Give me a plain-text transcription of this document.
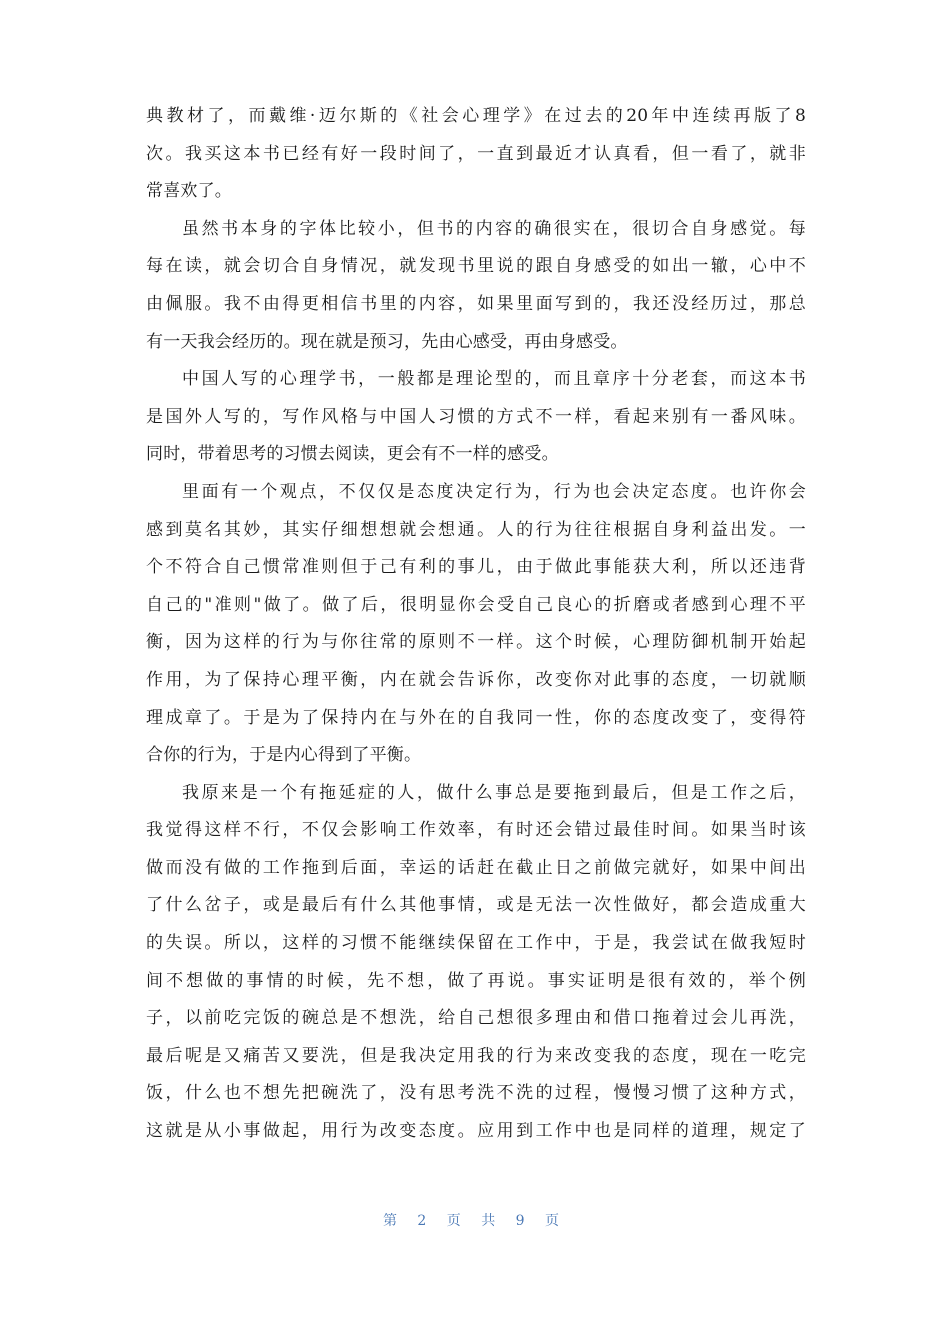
典教材了，而戴维·迈尔斯的《社会心理学》在过去的20年中连续再版了8
次。我买这本书已经有好一段时间了，一直到最近才认真看，但一看了，就非
常喜欢了。
虽然书本身的字体比较小，但书的内容的确很实在，很切合自身感觉。每
每在读，就会切合自身情况，就发现书里说的跟自身感受的如出一辙，心中不
由佩服。我不由得更相信书里的内容，如果里面写到的，我还没经历过，那总
有一天我会经历的。现在就是预习，先由心感受，再由身感受。
中国人写的心理学书，一般都是理论型的，而且章序十分老套，而这本书
是国外人写的，写作风格与中国人习惯的方式不一样，看起来别有一番风味。
同时，带着思考的习惯去阅读，更会有不一样的感受。
里面有一个观点，不仅仅是态度决定行为，行为也会决定态度。也许你会
感到莫名其妙，其实仔细想想就会想通。人的行为往往根据自身利益出发。一
个不符合自己惯常准则但于己有利的事儿，由于做此事能获大利，所以还违背
自己的"准则"做了。做了后，很明显你会受自己良心的折磨或者感到心理不平
衡，因为这样的行为与你往常的原则不一样。这个时候，心理防御机制开始起
作用，为了保持心理平衡，内在就会告诉你，改变你对此事的态度，一切就顺
理成章了。于是为了保持内在与外在的自我同一性，你的态度改变了，变得符
合你的行为，于是内心得到了平衡。
我原来是一个有拖延症的人，做什么事总是要拖到最后，但是工作之后，
我觉得这样不行，不仅会影响工作效率，有时还会错过最佳时间。如果当时该
做而没有做的工作拖到后面，幸运的话赶在截止日之前做完就好，如果中间出
了什么岔子，或是最后有什么其他事情，或是无法一次性做好，都会造成重大
的失误。所以，这样的习惯不能继续保留在工作中，于是，我尝试在做我短时
间不想做的事情的时候，先不想，做了再说。事实证明是很有效的，举个例
子，以前吃完饭的碗总是不想洗，给自己想很多理由和借口拖着过会儿再洗，
最后呢是又痛苦又要洗，但是我决定用我的行为来改变我的态度，现在一吃完
饭，什么也不想先把碗洗了，没有思考洗不洗的过程，慢慢习惯了这种方式，
这就是从小事做起，用行为改变态度。应用到工作中也是同样的道理，规定了
第 2 页 共 9 页
